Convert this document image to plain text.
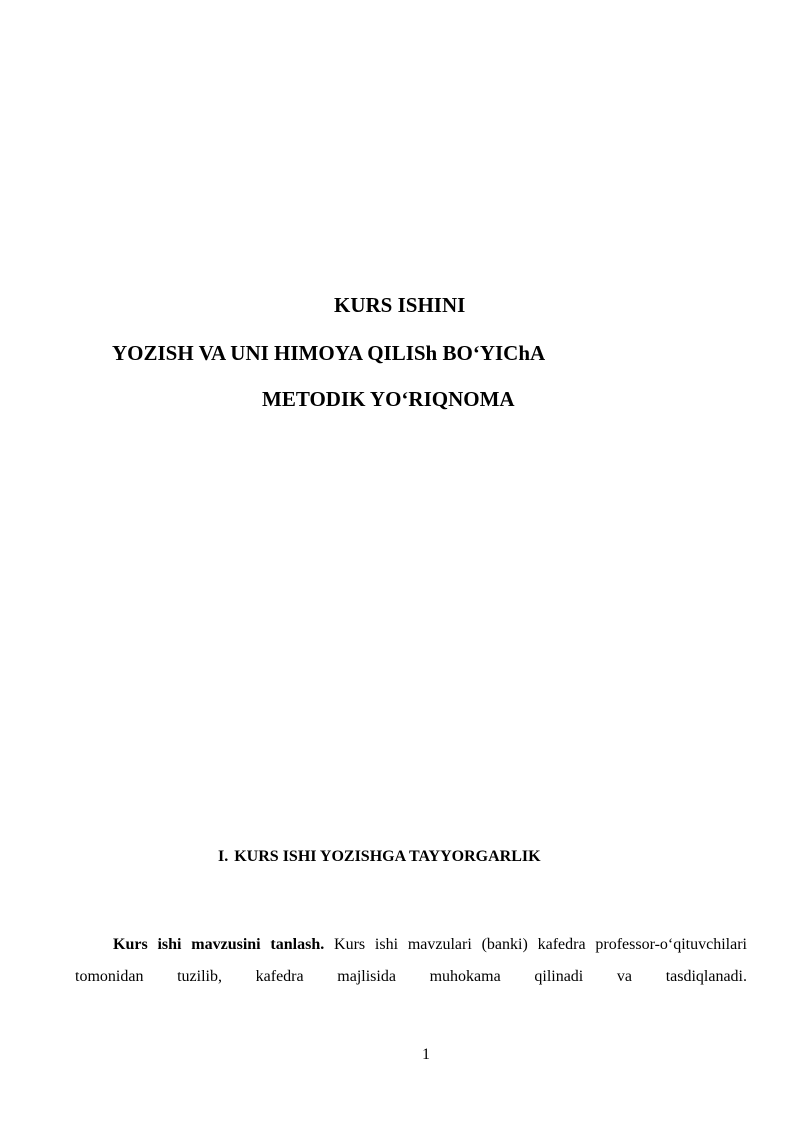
KURS ISHINI
YOZISH VA UNI HIMOYA QILISh BO‘YIChA
METODIK YO‘RIQNOMA
I. KURS ISHI YOZISHGA TAYYORGARLIK

Kurs ishi mavzusini tanlash. Kurs ishi mavzulari (banki) kafedra professor-o‘qituvchilari tomonidan tuzilib, kafedra majlisida muhokama qilinadi va tasdiqlanadi.

1
